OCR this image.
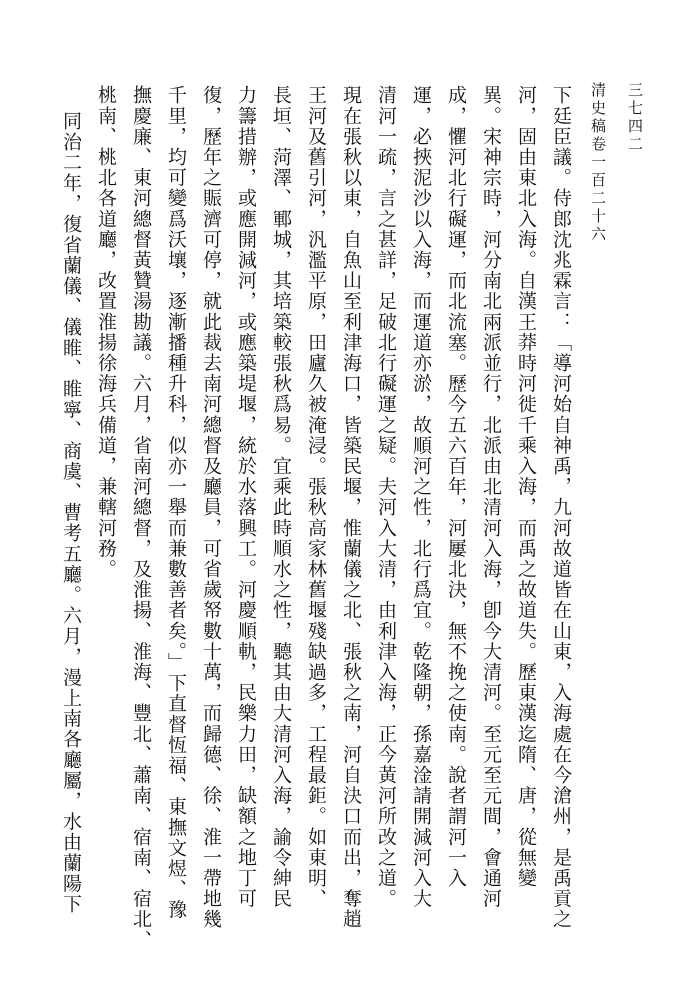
清史稿卷一百二十六 三七四二
下廷臣議。侍郎沈兆霖言：「導河始自神禹，九河故道皆在山東，入海處在今滄州，是禹貢之
河，固由東北入海。自漢王莽時河徙千乘入海，而禹之故道失。歷東漢迄隋、唐，從無變
異。宋神宗時，河分南北兩派並行，北派由北清河入海，卽今大清河。至元至元間，會通河
成，懼河北行礙運，而北流塞。歷今五六百年，河屢北決，無不挽之使南。說者謂河一入
運，必挾泥沙以入海，而運道亦淤，故順河之性，北行爲宜。乾隆朝，孫嘉淦請開減河入大
清河一疏，言之甚詳，足破北行礙運之疑。夫河入大清，由利津入海，正今黃河所改之道。
現在張秋以東，自魚山至利津海口，皆築民堰，惟蘭儀之北、張秋之南，河自決口而出，奪趙
王河及舊引河，汎濫平原，田廬久被淹浸。張秋高家林舊堰殘缺過多，工程最鉅。如東明、
長垣、菏澤、鄆城，其培築較張秋爲易。宜乘此時順水之性，聽其由大清河入海，諭令紳民
力籌措辦，或應開減河，或應築堤堰，統於水落興工。河慶順軌，民樂力田，缺額之地丁可
復，歷年之賑濟可停，就此裁去南河總督及廳員，可省歲帑數十萬，而歸德、徐、淮一帶地幾
千里，均可變爲沃壤，逐漸播種升科，似亦一舉而兼數善者矣。」下直督恆福、東撫文煜、豫
撫慶廉、東河總督黃贊湯勘議。六月，省南河總督，及淮揚、淮海、豐北、蕭南、宿南、宿北、
桃南、桃北各道廳，改置淮揚徐海兵備道，兼轄河務。
同治二年，復省蘭儀、儀睢、睢寧、商虞、曹考五廳。六月，漫上南各廳屬，水由蘭陽下
